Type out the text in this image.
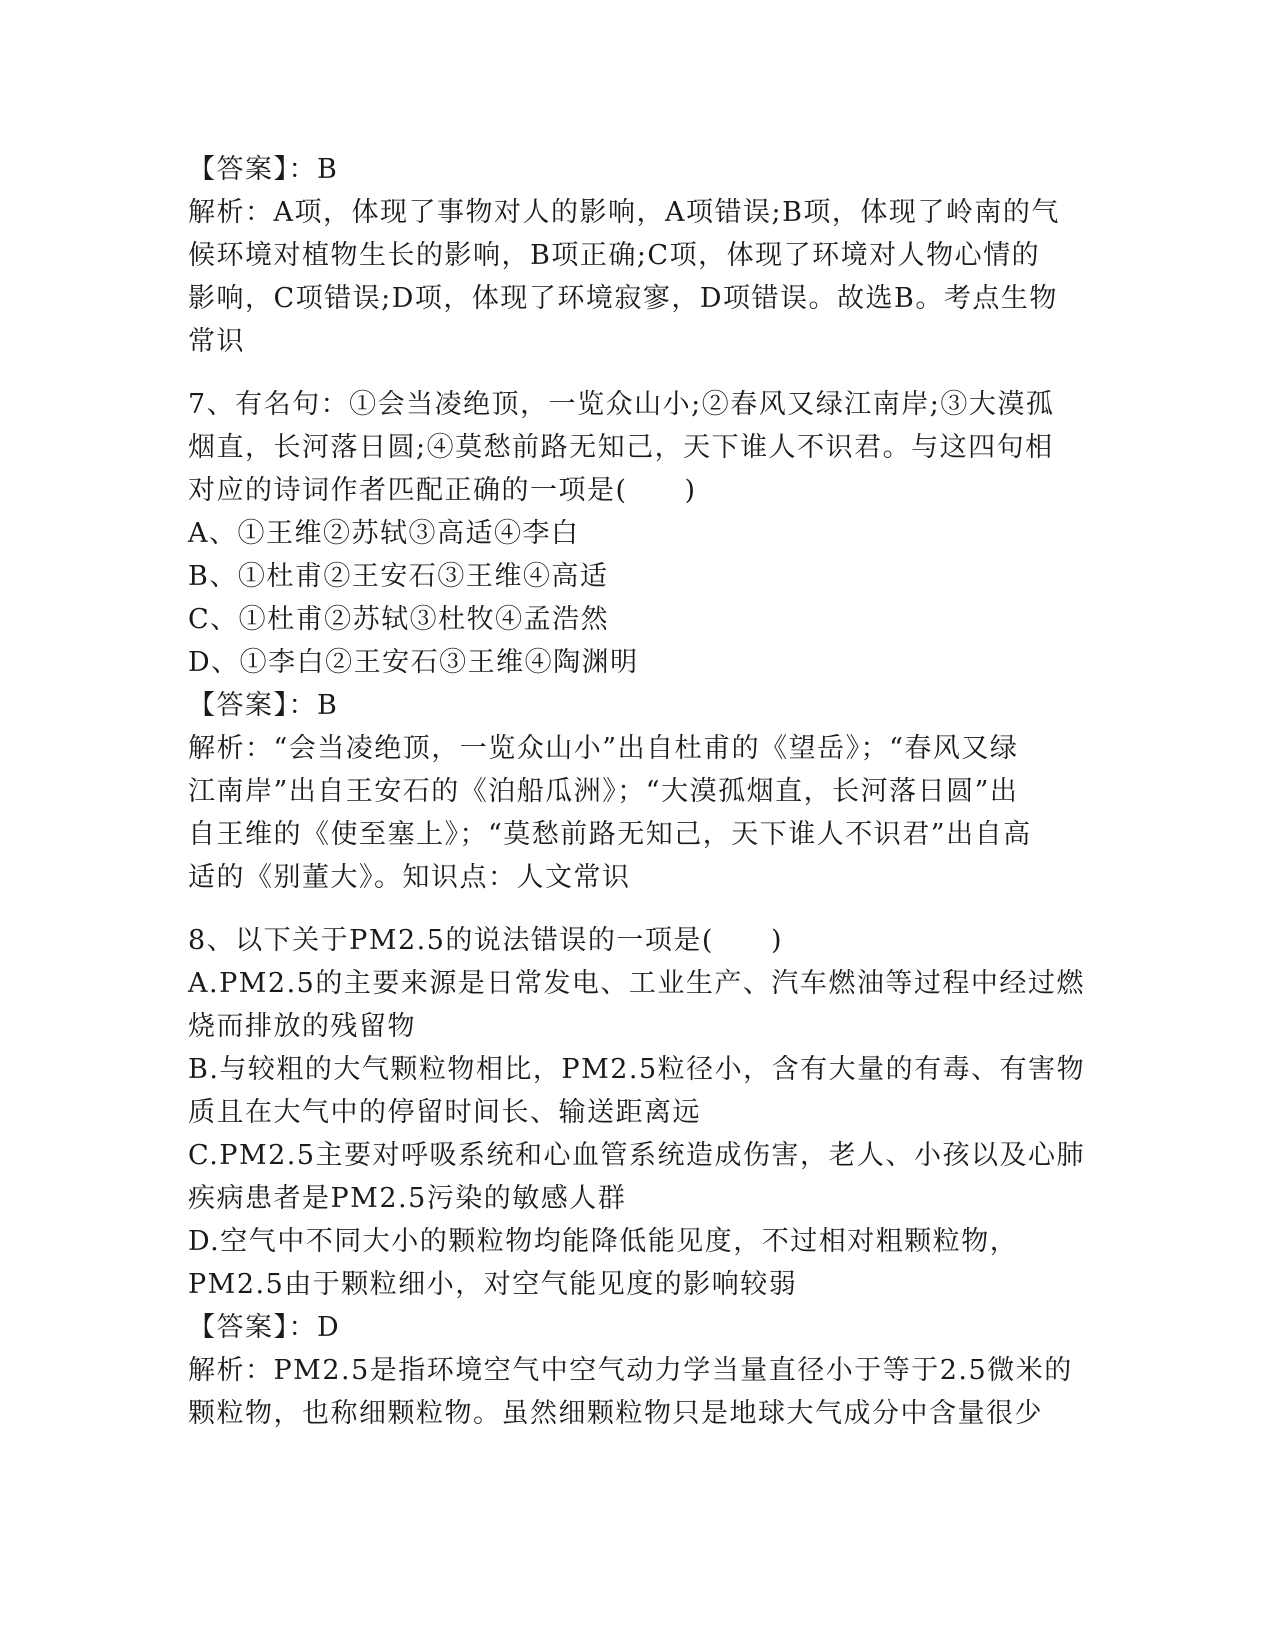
【答案】：B
解析：A项，体现了事物对人的影响，A项错误;B项，体现了岭南的气
候环境对植物生长的影响，B项正确;C项，体现了环境对人物心情的
影响，C项错误;D项，体现了环境寂寥，D项错误。故选B。考点生物
常识
7、有名句：①会当凌绝顶，一览众山小;②春风又绿江南岸;③大漠孤
烟直，长河落日圆;④莫愁前路无知己，天下谁人不识君。与这四句相
对应的诗词作者匹配正确的一项是(　　)
A、①王维②苏轼③高适④李白
B、①杜甫②王安石③王维④高适
C、①杜甫②苏轼③杜牧④孟浩然
D、①李白②王安石③王维④陶渊明
【答案】：B
解析：“会当凌绝顶，一览众山小”出自杜甫的《望岳》；“春风又绿
江南岸”出自王安石的《泊船瓜洲》；“大漠孤烟直，长河落日圆”出
自王维的《使至塞上》；“莫愁前路无知己，天下谁人不识君”出自高
适的《别董大》。知识点：人文常识
8、以下关于PM2.5的说法错误的一项是(　　)
A.PM2.5的主要来源是日常发电、工业生产、汽车燃油等过程中经过燃
烧而排放的残留物
B.与较粗的大气颗粒物相比，PM2.5粒径小，含有大量的有毒、有害物
质且在大气中的停留时间长、输送距离远
C.PM2.5主要对呼吸系统和心血管系统造成伤害，老人、小孩以及心肺
疾病患者是PM2.5污染的敏感人群
D.空气中不同大小的颗粒物均能降低能见度，不过相对粗颗粒物，
PM2.5由于颗粒细小，对空气能见度的影响较弱
【答案】：D
解析：PM2.5是指环境空气中空气动力学当量直径小于等于2.5微米的
颗粒物，也称细颗粒物。虽然细颗粒物只是地球大气成分中含量很少
